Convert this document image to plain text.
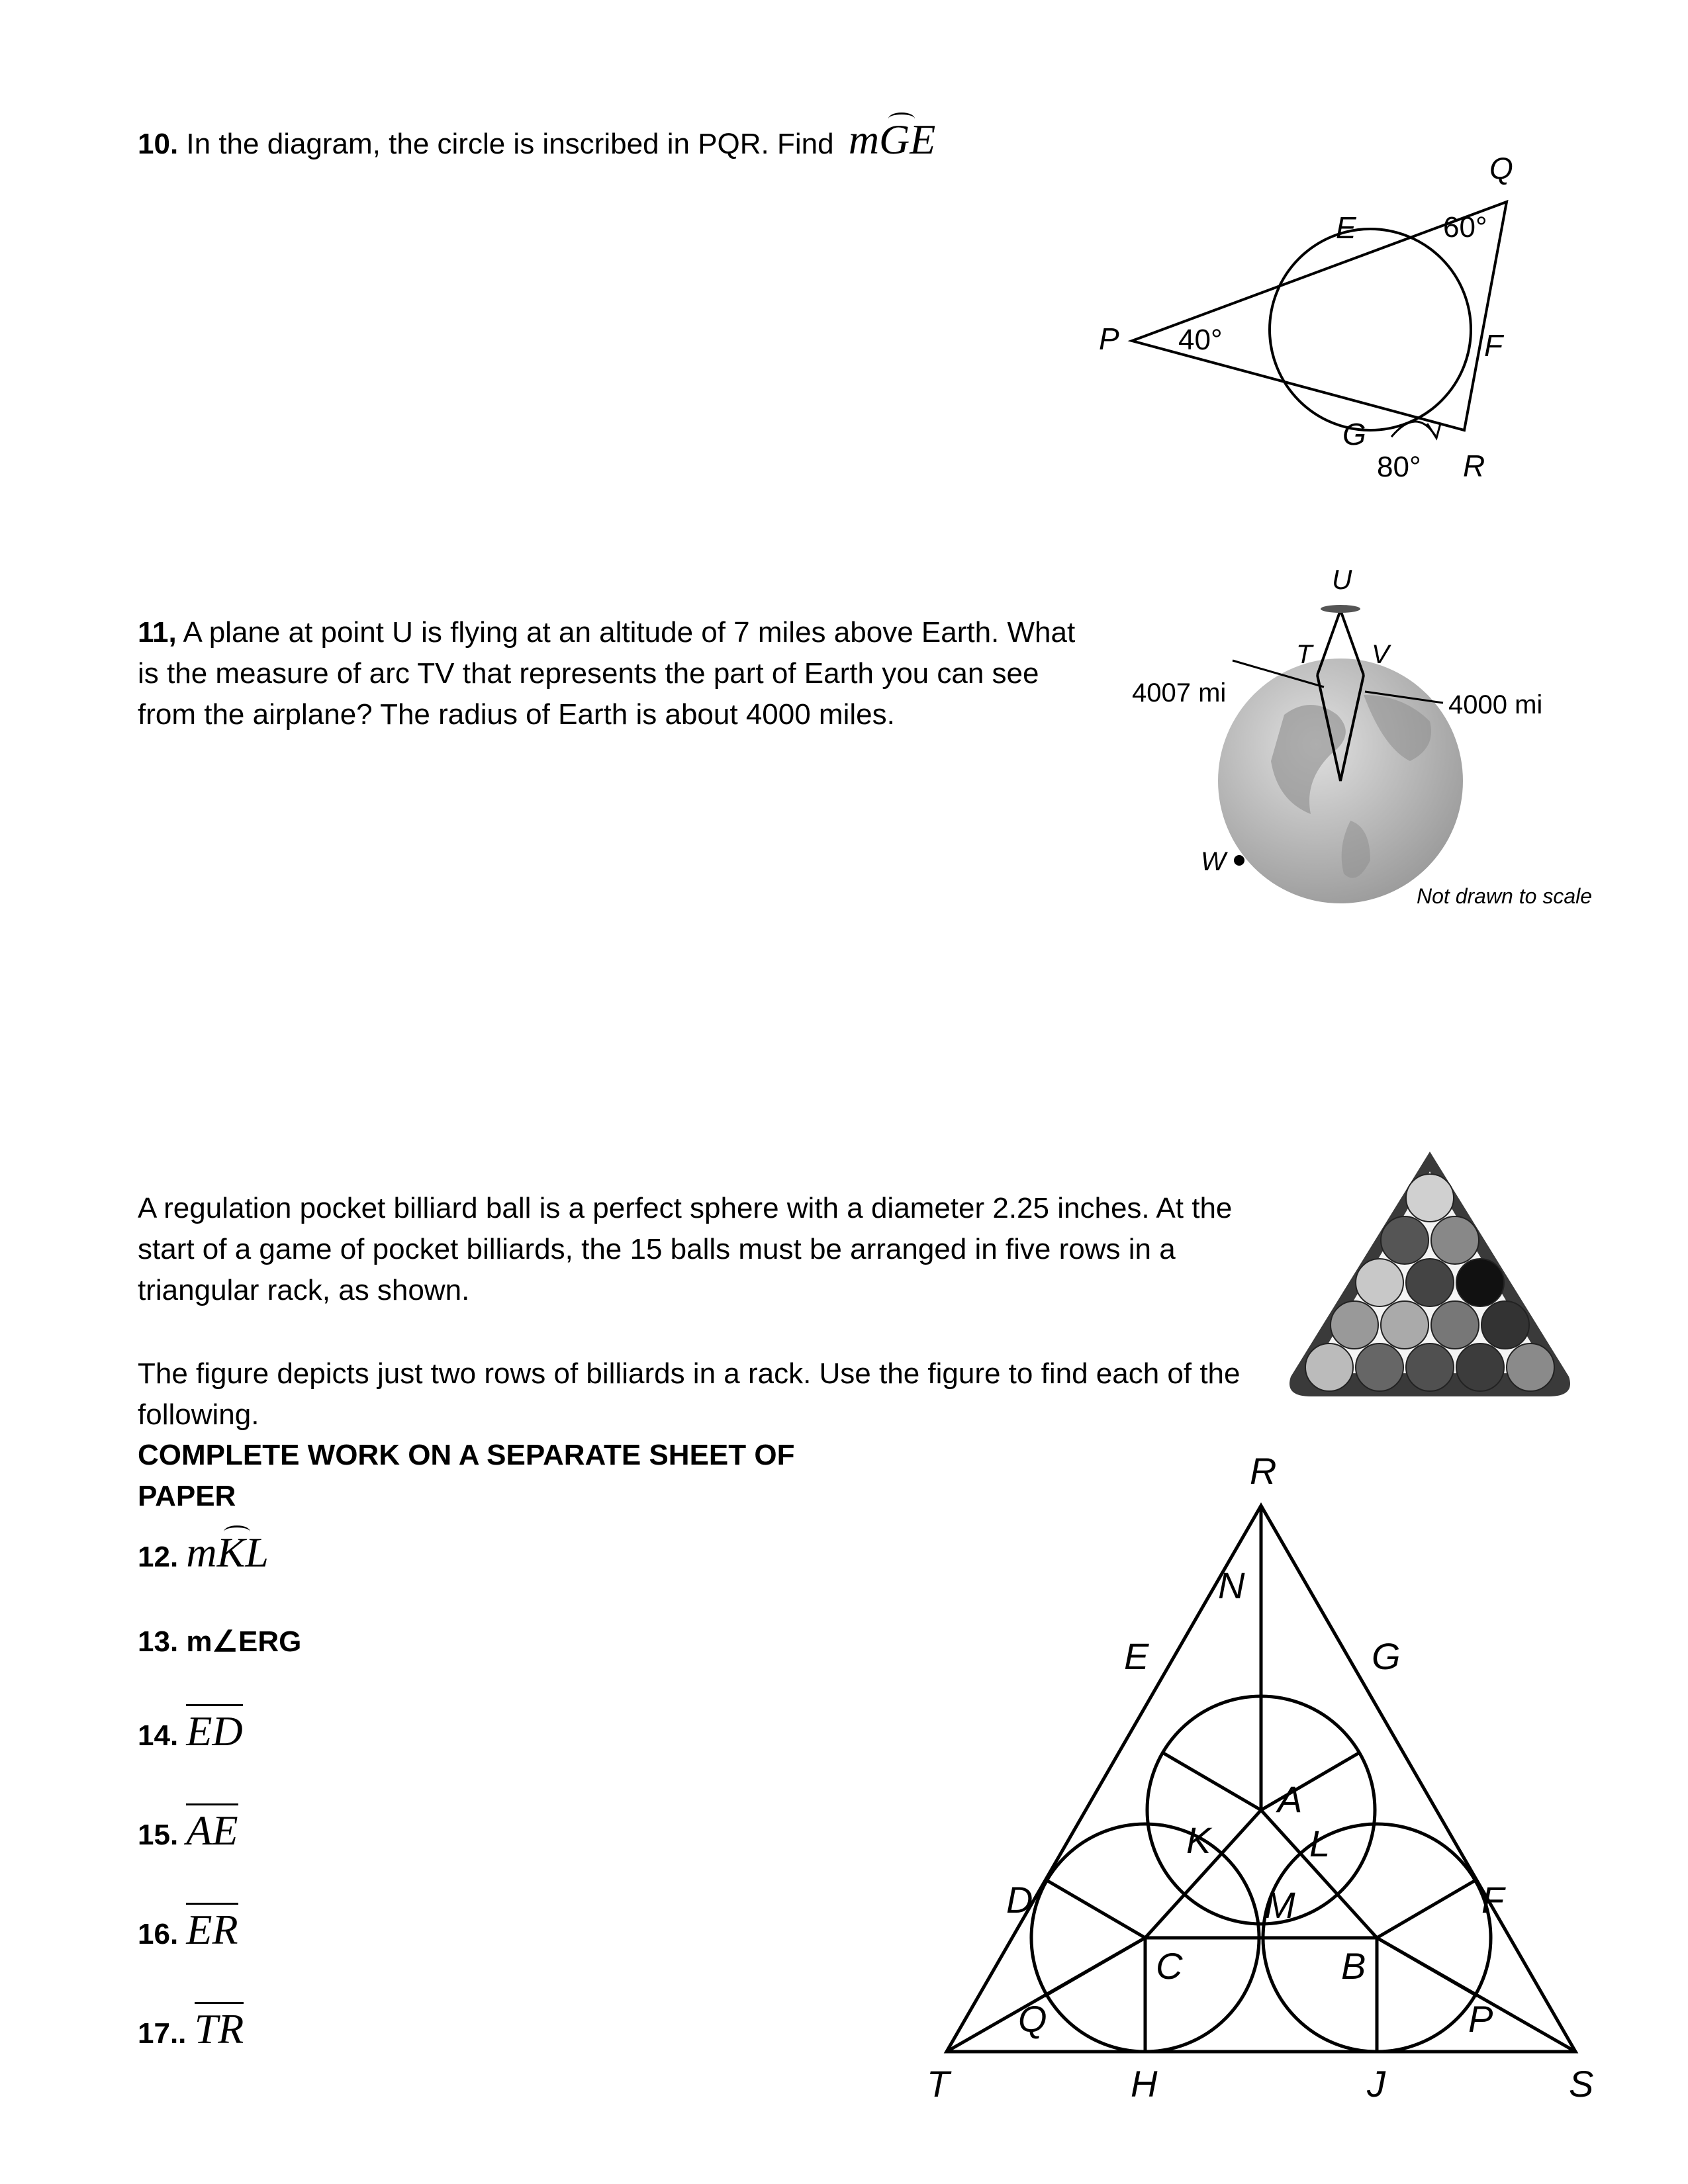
10. In the diagram, the circle is inscribed in PQR. Find mGE
P 40°
Q
60°
E
F
G
80° R
11, A plane at point U is flying at an altitude of 7 miles above Earth. What
is the measure of arc TV that represents the part of Earth you can see
from the airplane? The radius of Earth is about 4000 miles.
U
T V
4007 mi	4000 mi
W
Not drawn to scale
A regulation pocket billiard ball is a perfect sphere with a diameter 2.25 inches. At the
start of a game of pocket billiards, the 15 balls must be arranged in five rows in a
triangular rack, as shown.
The figure depicts just two rows of billiards in a rack. Use the figure to find each of the
following.
COMPLETE WORK ON A SEPARATE SHEET OF
PAPER
12. mKL
13. m∠ERG
14. ED
15. AE
16. ER
17.. TR
R
N
E	G
A
K	L
D	F
M
C	B
Q	P
T	H	J	S
